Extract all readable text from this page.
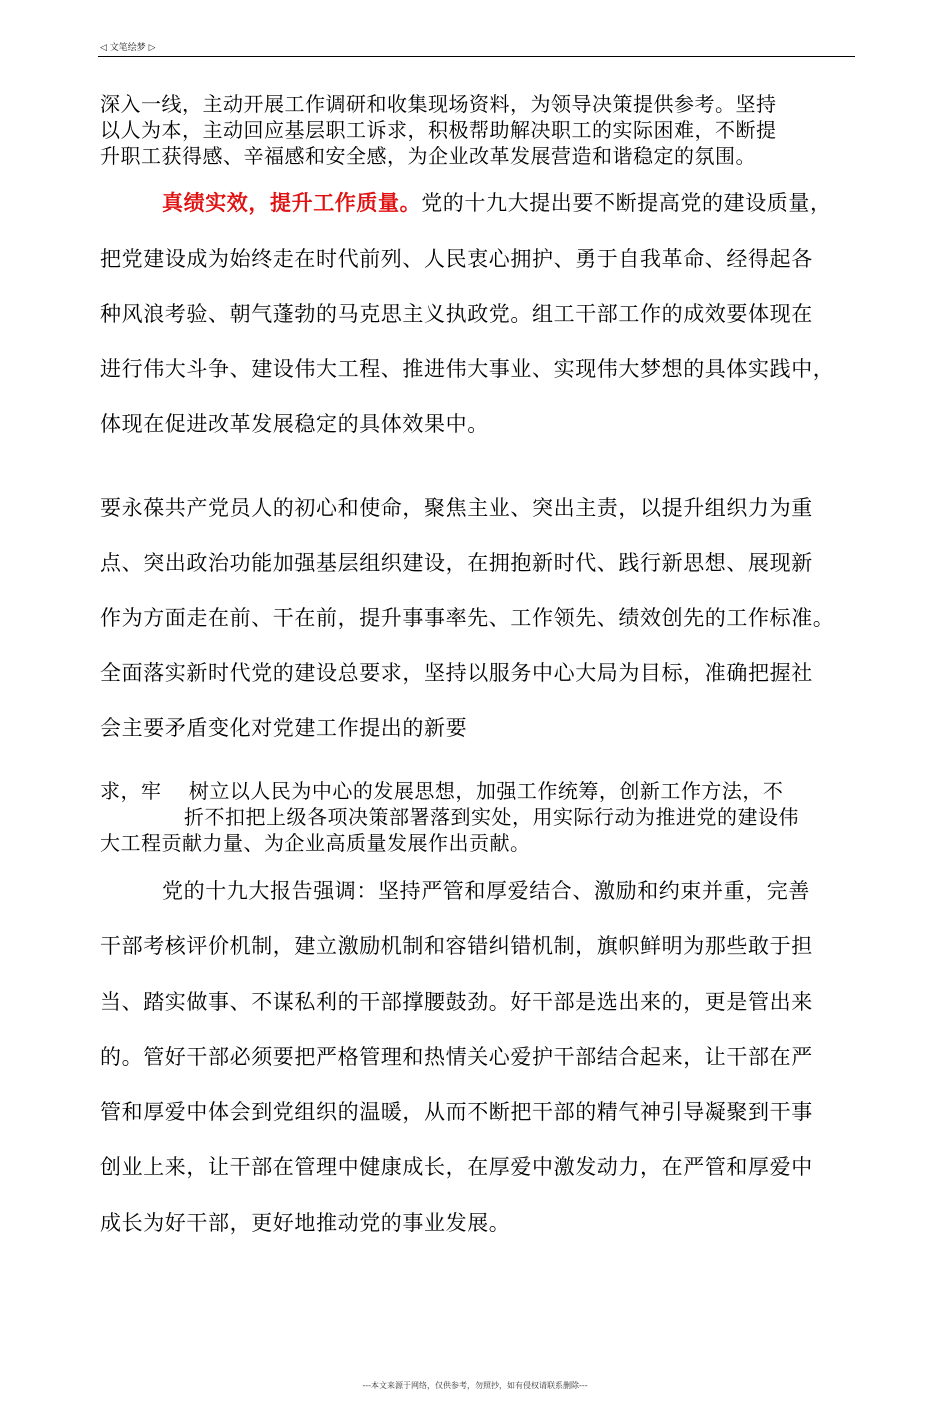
◁ 文笔绘梦 ▷
深入一线，主动开展工作调研和收集现场资料，为领导决策提供参考。坚持
以人为本，主动回应基层职工诉求，积极帮助解决职工的实际困难，不断提
升职工获得感、辛福感和安全感，为企业改革发展营造和谐稳定的氛围。
真绩实效，提升工作质量。党的十九大提出要不断提高党的建设质量，
把党建设成为始终走在时代前列、人民衷心拥护、勇于自我革命、经得起各
种风浪考验、朝气蓬勃的马克思主义执政党。组工干部工作的成效要体现在
进行伟大斗争、建设伟大工程、推进伟大事业、实现伟大梦想的具体实践中，
体现在促进改革发展稳定的具体效果中。
要永葆共产党员人的初心和使命，聚焦主业、突出主责，以提升组织力为重
点、突出政治功能加强基层组织建设，在拥抱新时代、践行新思想、展现新
作为方面走在前、干在前，提升事事率先、工作领先、绩效创先的工作标准。
全面落实新时代党的建设总要求，坚持以服务中心大局为目标，准确把握社
会主要矛盾变化对党建工作提出的新要
求，牢    树立以人民为中心的发展思想，加强工作统筹，创新工作方法，不
折不扣把上级各项决策部署落到实处，用实际行动为推进党的建设伟
大工程贡献力量、为企业高质量发展作出贡献。
党的十九大报告强调：坚持严管和厚爱结合、激励和约束并重，完善
干部考核评价机制，建立激励机制和容错纠错机制，旗帜鲜明为那些敢于担
当、踏实做事、不谋私利的干部撑腰鼓劲。好干部是选出来的，更是管出来
的。管好干部必须要把严格管理和热情关心爱护干部结合起来，让干部在严
管和厚爱中体会到党组织的温暖，从而不断把干部的精气神引导凝聚到干事
创业上来，让干部在管理中健康成长，在厚爱中激发动力，在严管和厚爱中
成长为好干部，更好地推动党的事业发展。
---本文来源于网络，仅供参考，勿照抄，如有侵权请联系删除---
